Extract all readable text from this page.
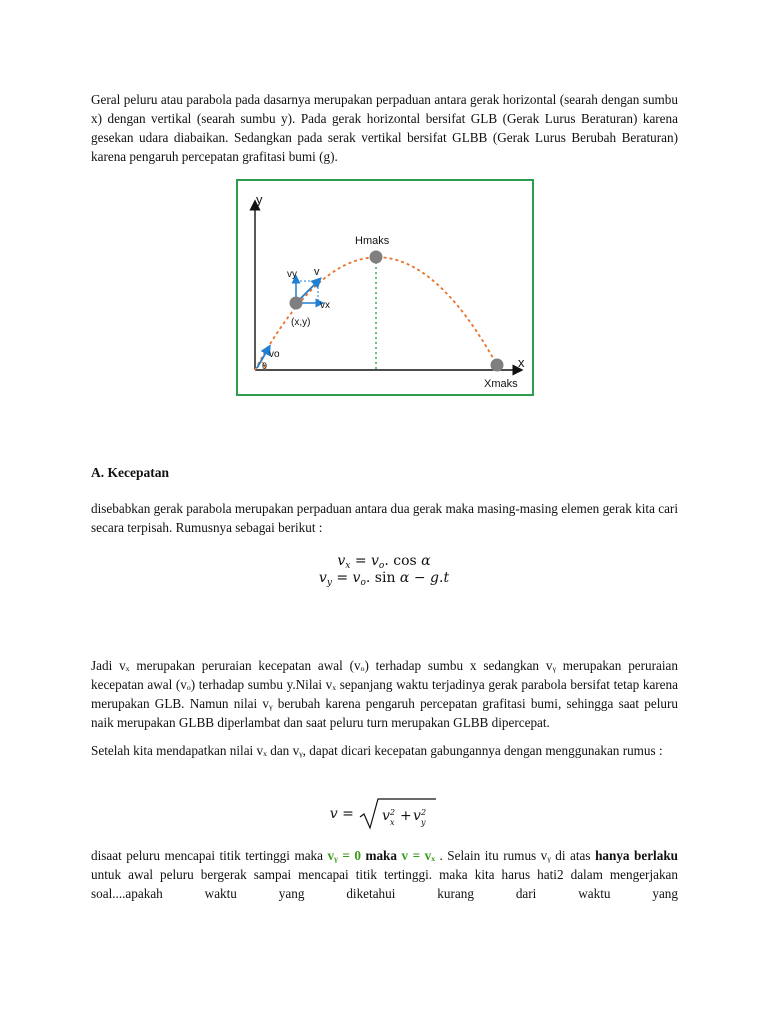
Geral peluru atau parabola pada dasarnya merupakan perpaduan antara gerak horizontal (searah dengan sumbu x) dengan vertikal (searah sumbu y). Pada gerak horizontal bersifat GLB (Gerak Lurus Beraturan) karena gesekan udara diabaikan. Sedangkan pada serak vertikal bersifat GLBB (Gerak Lurus Berubah Beraturan) karena pengaruh percepatan grafitasi bumi (g).

y
x
Hmaks
Xmaks
v
vy
vx
(x,y)
vo
θ
A. Kecepatan

disebabkan gerak parabola merupakan perpaduan antara dua gerak maka masing-masing elemen gerak kita cari secara terpisah. Rumusnya sebagai berikut :

$v_x = v_o$. cos α
$v_y = v_o$. sin α − g.t

Jadi vₓ merupakan peruraian kecepatan awal (vₒ) terhadap sumbu x sedangkan vᵧ merupakan peruraian kecepatan awal (vₒ) terhadap sumbu y.Nilai vₓ sepanjang waktu terjadinya gerak parabola bersifat tetap karena merupakan GLB. Namun nilai vᵧ berubah karena pengaruh percepatan grafitasi bumi, sehingga saat peluru naik merupakan GLBB diperlambat dan saat peluru turn merupakan GLBB dipercepat.

Setelah kita mendapatkan nilai vₓ dan vᵧ, dapat dicari kecepatan gabungannya dengan menggunakan rumus :

v = v 2
x + v 2
y

disaat peluru mencapai titik tertinggi maka vᵧ = 0 maka v = vₓ . Selain itu rumus vᵧ di atas hanya berlaku untuk awal peluru bergerak sampai mencapai titik tertinggi. maka kita harus hati2 dalam mengerjakan soal....apakah waktu yang diketahui kurang dari waktu yang
